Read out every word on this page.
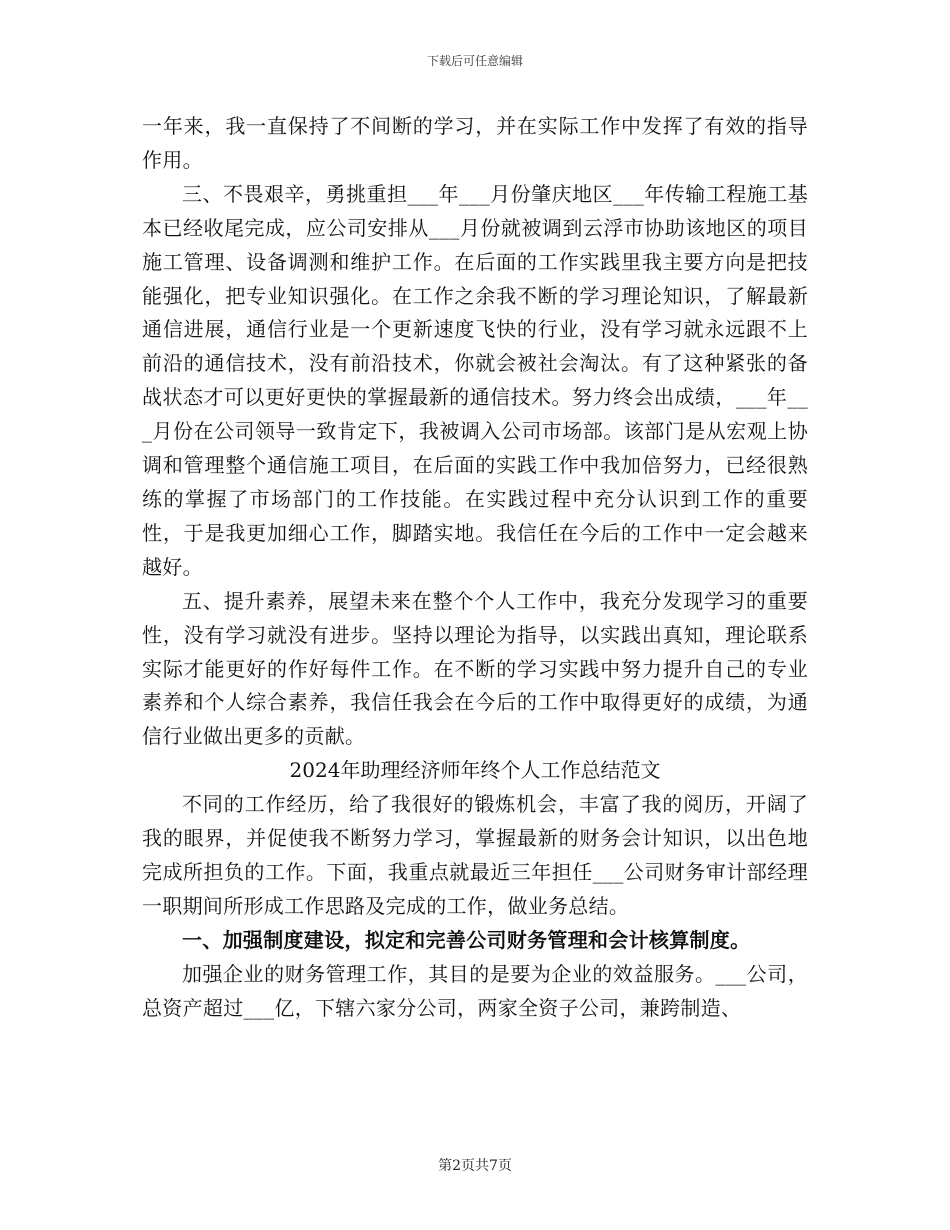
下载后可任意编辑

一年来，我一直保持了不间断的学习，并在实际工作中发挥了有效的指导作用。

三、不畏艰辛，勇挑重担___年___月份肇庆地区___年传输工程施工基本已经收尾完成，应公司安排从___月份就被调到云浮市协助该地区的项目施工管理、设备调测和维护工作。在后面的工作实践里我主要方向是把技能强化，把专业知识强化。在工作之余我不断的学习理论知识，了解最新通信进展，通信行业是一个更新速度飞快的行业，没有学习就永远跟不上前沿的通信技术，没有前沿技术，你就会被社会淘汰。有了这种紧张的备战状态才可以更好更快的掌握最新的通信技术。努力终会出成绩，___年___月份在公司领导一致肯定下，我被调入公司市场部。该部门是从宏观上协调和管理整个通信施工项目，在后面的实践工作中我加倍努力，已经很熟练的掌握了市场部门的工作技能。在实践过程中充分认识到工作的重要性，于是我更加细心工作，脚踏实地。我信任在今后的工作中一定会越来越好。

五、提升素养，展望未来在整个个人工作中，我充分发现学习的重要性，没有学习就没有进步。坚持以理论为指导，以实践出真知，理论联系实际才能更好的作好每件工作。在不断的学习实践中努力提升自己的专业素养和个人综合素养，我信任我会在今后的工作中取得更好的成绩，为通信行业做出更多的贡献。

2024年助理经济师年终个人工作总结范文

不同的工作经历，给了我很好的锻炼机会，丰富了我的阅历，开阔了我的眼界，并促使我不断努力学习，掌握最新的财务会计知识，以出色地完成所担负的工作。下面，我重点就最近三年担任___公司财务审计部经理一职期间所形成工作思路及完成的工作，做业务总结。

一、加强制度建设，拟定和完善公司财务管理和会计核算制度。

加强企业的财务管理工作，其目的是要为企业的效益服务。___公司，总资产超过___亿，下辖六家分公司，两家全资子公司，兼跨制造、

第2页共7页
